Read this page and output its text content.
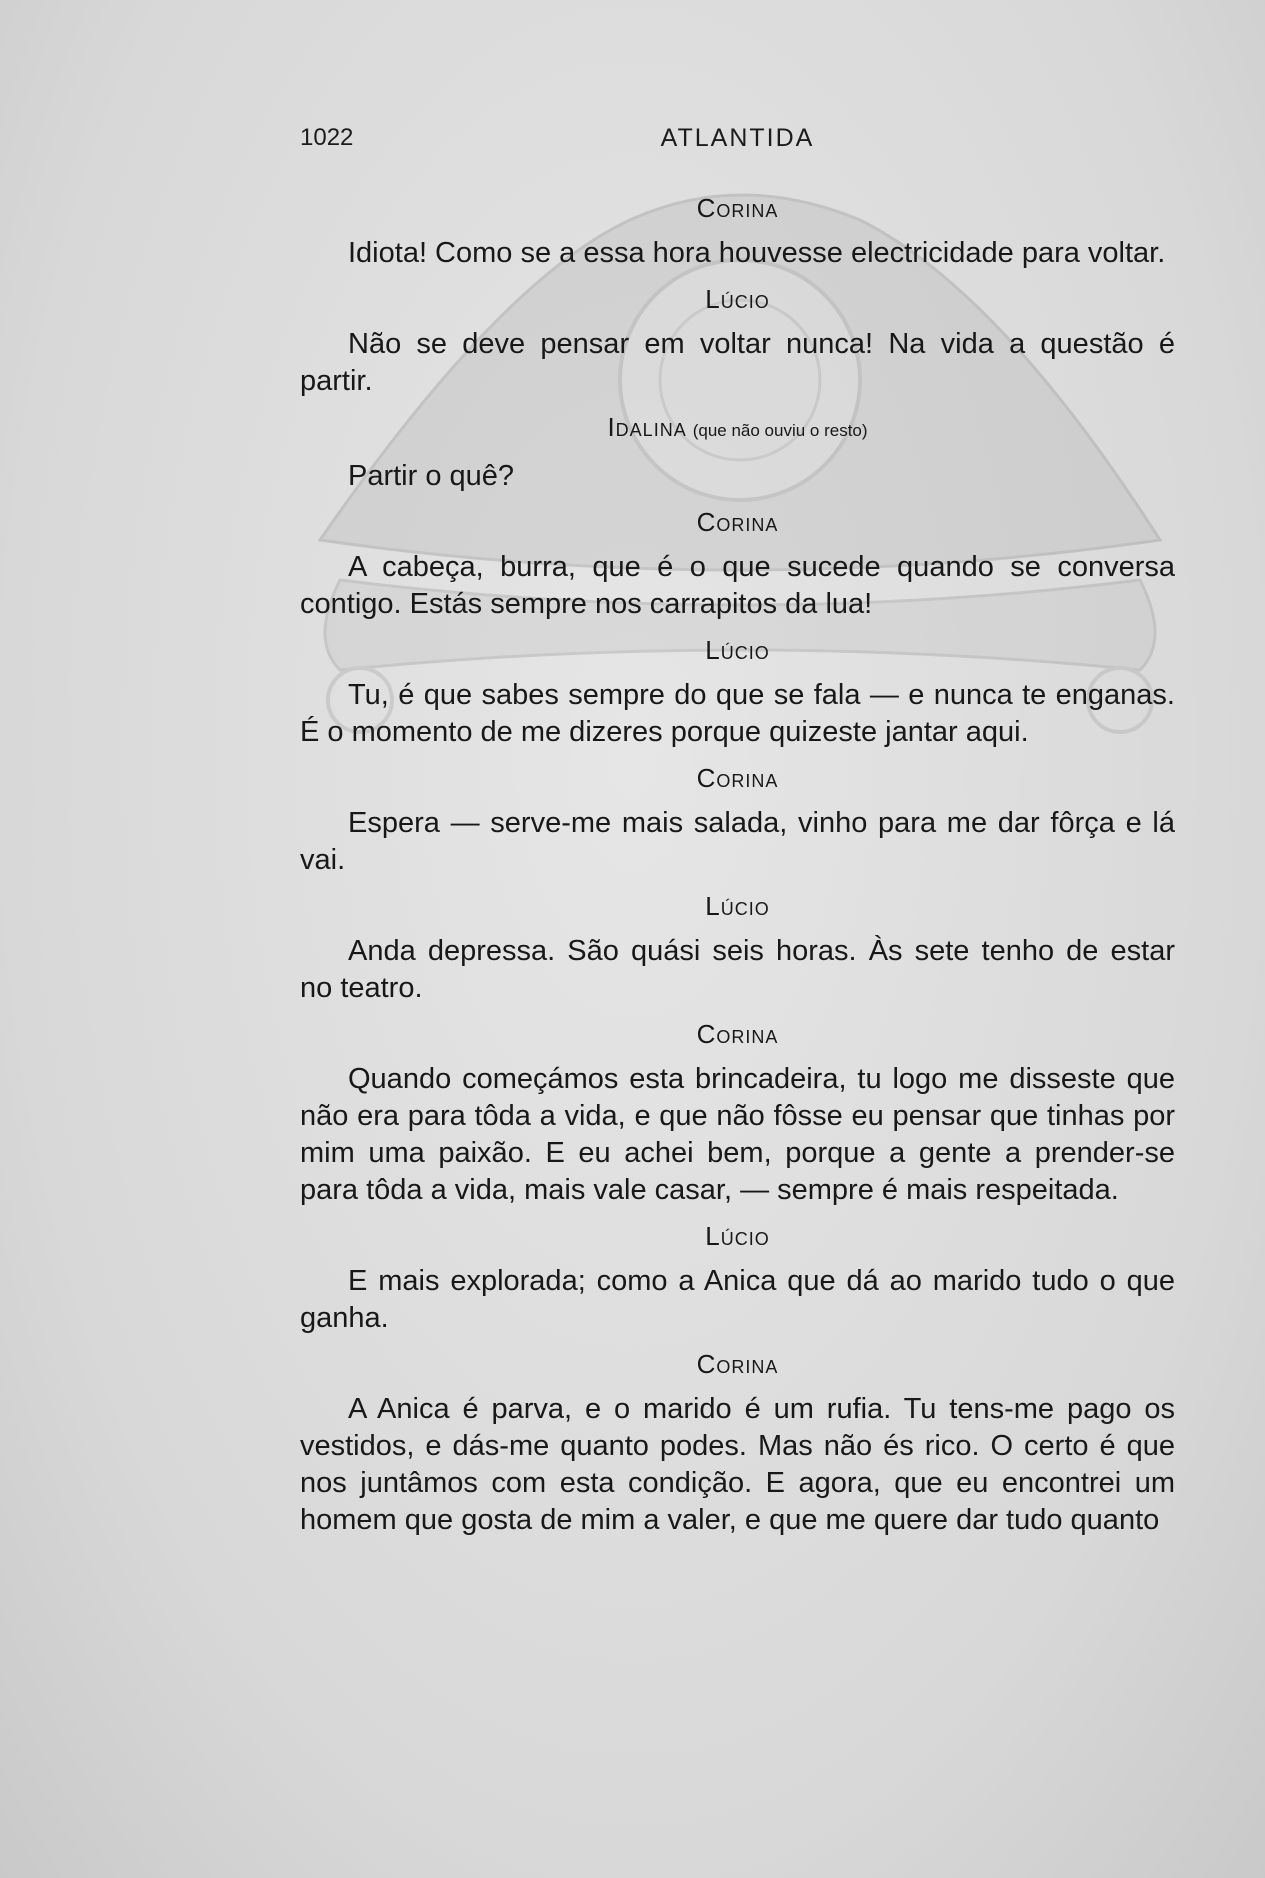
1022	ATLANTIDA
Corina

Idiota! Como se a essa hora houvesse electricidade para voltar.

Lúcio

Não se deve pensar em voltar nunca! Na vida a questão é partir.

Idalina (que não ouviu o resto)

Partir o quê?

Corina

A cabeça, burra, que é o que sucede quando se conversa contigo. Estás sempre nos carrapitos da lua!

Lúcio

Tu, é que sabes sempre do que se fala — e nunca te enganas. É o momento de me dizeres porque quizeste jantar aqui.

Corina

Espera — serve-me mais salada, vinho para me dar fôrça e lá vai.

Lúcio

Anda depressa. São quási seis horas. Às sete tenho de estar no teatro.

Corina

Quando começámos esta brincadeira, tu logo me disseste que não era para tôda a vida, e que não fôsse eu pensar que tinhas por mim uma paixão. E eu achei bem, porque a gente a prender-se para tôda a vida, mais vale casar, — sempre é mais respeitada.

Lúcio

E mais explorada; como a Anica que dá ao marido tudo o que ganha.

Corina

A Anica é parva, e o marido é um rufia. Tu tens-me pago os vestidos, e dás-me quanto podes. Mas não és rico. O certo é que nos juntâmos com esta condição. E agora, que eu encontrei um homem que gosta de mim a valer, e que me quere dar tudo quanto
